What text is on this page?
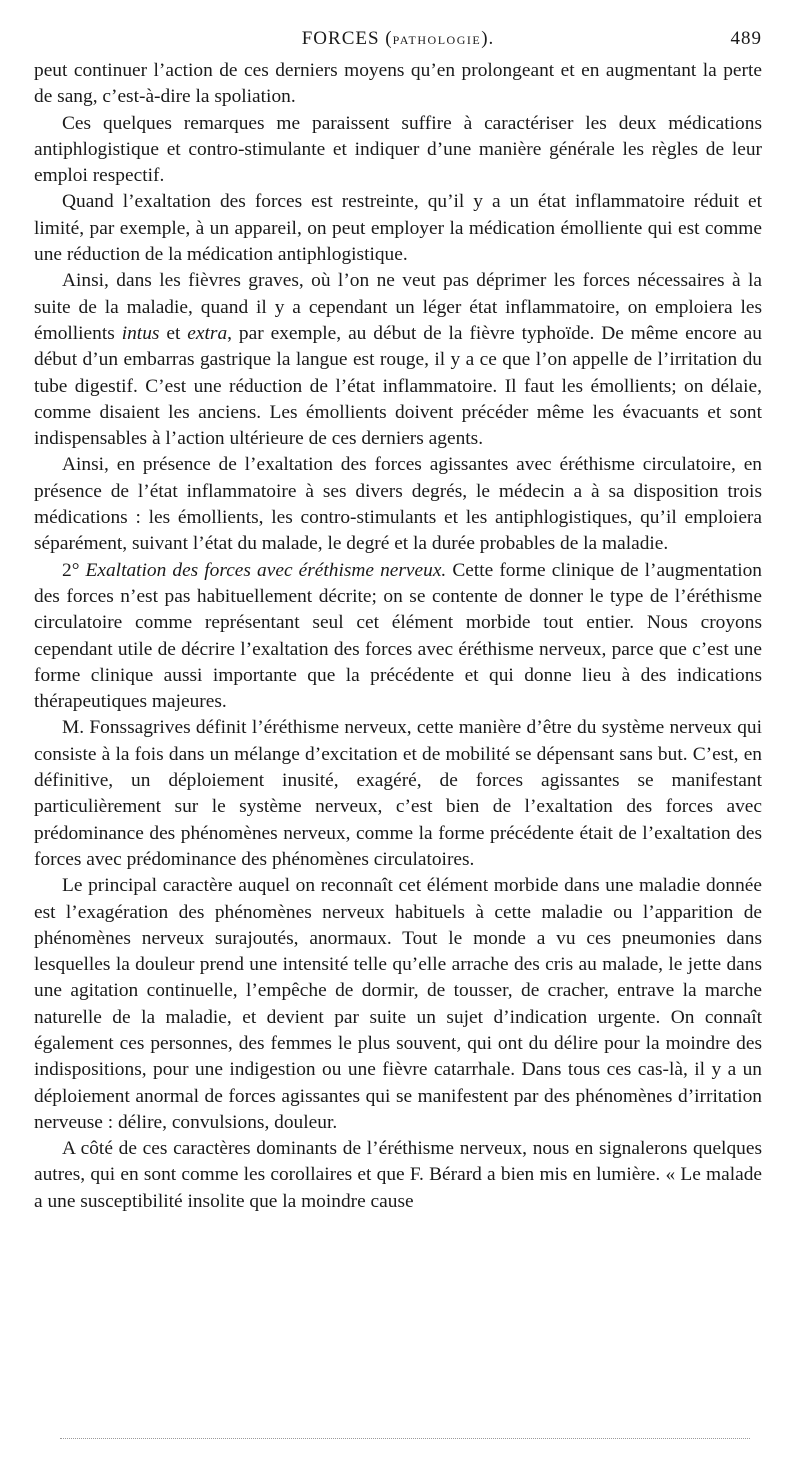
FORCES (PATHOLOGIE).	489

peut continuer l’action de ces derniers moyens qu’en prolongeant et en augmentant la perte de sang, c’est-à-dire la spoliation.

Ces quelques remarques me paraissent suffire à caractériser les deux médications antiphlogistique et contro-stimulante et indiquer d’une manière générale les règles de leur emploi respectif.

Quand l’exaltation des forces est restreinte, qu’il y a un état inflammatoire réduit et limité, par exemple, à un appareil, on peut employer la médication émolliente qui est comme une réduction de la médication antiphlogistique.

Ainsi, dans les fièvres graves, où l’on ne veut pas déprimer les forces nécessaires à la suite de la maladie, quand il y a cependant un léger état inflammatoire, on emploiera les émollients intus et extra, par exemple, au début de la fièvre typhoïde. De même encore au début d’un embarras gastrique la langue est rouge, il y a ce que l’on appelle de l’irritation du tube digestif. C’est une réduction de l’état inflammatoire. Il faut les émollients; on délaie, comme disaient les anciens. Les émollients doivent précéder même les évacuants et sont indispensables à l’action ultérieure de ces derniers agents.

Ainsi, en présence de l’exaltation des forces agissantes avec éréthisme circulatoire, en présence de l’état inflammatoire à ses divers degrés, le médecin a à sa disposition trois médications : les émollients, les contro-stimulants et les antiphlogistiques, qu’il emploiera séparément, suivant l’état du malade, le degré et la durée probables de la maladie.

2° Exaltation des forces avec éréthisme nerveux. Cette forme clinique de l’augmentation des forces n’est pas habituellement décrite; on se contente de donner le type de l’éréthisme circulatoire comme représentant seul cet élément morbide tout entier. Nous croyons cependant utile de décrire l’exaltation des forces avec éréthisme nerveux, parce que c’est une forme clinique aussi importante que la précédente et qui donne lieu à des indications thérapeutiques majeures.

M. Fonssagrives définit l’éréthisme nerveux, cette manière d’être du système nerveux qui consiste à la fois dans un mélange d’excitation et de mobilité se dépensant sans but. C’est, en définitive, un déploiement inusité, exagéré, de forces agissantes se manifestant particulièrement sur le système nerveux, c’est bien de l’exaltation des forces avec prédominance des phénomènes nerveux, comme la forme précédente était de l’exaltation des forces avec prédominance des phénomènes circulatoires.

Le principal caractère auquel on reconnaît cet élément morbide dans une maladie donnée est l’exagération des phénomènes nerveux habituels à cette maladie ou l’apparition de phénomènes nerveux surajoutés, anormaux. Tout le monde a vu ces pneumonies dans lesquelles la douleur prend une intensité telle qu’elle arrache des cris au malade, le jette dans une agitation continuelle, l’empêche de dormir, de tousser, de cracher, entrave la marche naturelle de la maladie, et devient par suite un sujet d’indication urgente. On connaît également ces personnes, des femmes le plus souvent, qui ont du délire pour la moindre des indispositions, pour une indigestion ou une fièvre catarrhale. Dans tous ces cas-là, il y a un déploiement anormal de forces agissantes qui se manifestent par des phénomènes d’irritation nerveuse : délire, convulsions, douleur.

A côté de ces caractères dominants de l’éréthisme nerveux, nous en signalerons quelques autres, qui en sont comme les corollaires et que F. Bérard a bien mis en lumière. « Le malade a une susceptibilité insolite que la moindre cause
